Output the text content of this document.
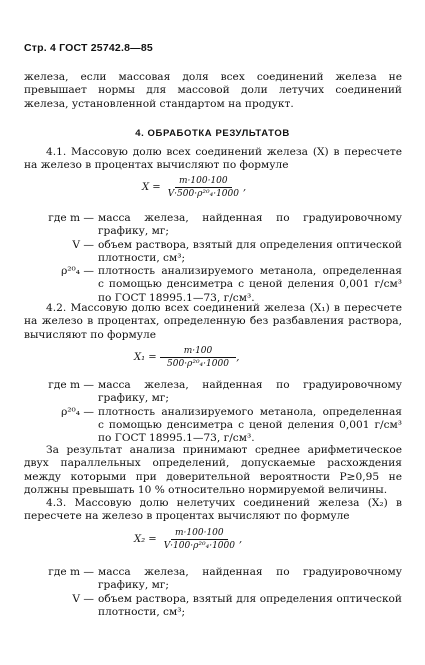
Стр. 4 ГОСТ 25742.8—85
железа, если массовая доля всех соединений железа не превышает нормы для массовой доли летучих соединений железа, установленной стандартом на продукт.
4. ОБРАБОТКА РЕЗУЛЬТАТОВ
4.1. Массовую долю всех соединений железа (X) в пересчете на железо в процентах вычисляют по формуле
$X = \frac{m\cdot 100\cdot 100}{\text{V·500·ρ²⁰₄·1000}}$ ,
где m — масса железа, найденная по градуировочному графику, мг;
V — объем раствора, взятый для определения оптической плотности, см³;
ρ²⁰₄ — плотность анализируемого метанола, определенная с помощью денсиметра с ценой деления 0,001 г/см³ по ГОСТ 18995.1—73, г/см³.
4.2. Массовую долю всех соединений железа (X₁) в пересчете на железо в процентах, определенную без разбавления раствора, вычисляют по формуле
$X_1 = \frac{m\cdot 100}{\text{500·ρ²⁰₄·1000}}$ ,
где m — масса железа, найденная по градуировочному графику, мг;
ρ²⁰₄ — плотность анализируемого метанола, определенная с помощью денсиметра с ценой деления 0,001 г/см³ по ГОСТ 18995.1—73, г/см³.
За результат анализа принимают среднее арифметическое двух параллельных определений, допускаемые расхождения между которыми при доверительной вероятности P≥0,95 не должны превышать 10 % относительно нормируемой величины.
4.3. Массовую долю нелетучих соединений железа (X₂) в пересчете на железо в процентах вычисляют по формуле
$X_2 = \frac{m\cdot 100\cdot 100}{\text{V·100·ρ²⁰₄·1000}}$ ,
где m — масса железа, найденная по градуировочному графику, мг;
V — объем раствора, взятый для определения оптической плотности, см³;
